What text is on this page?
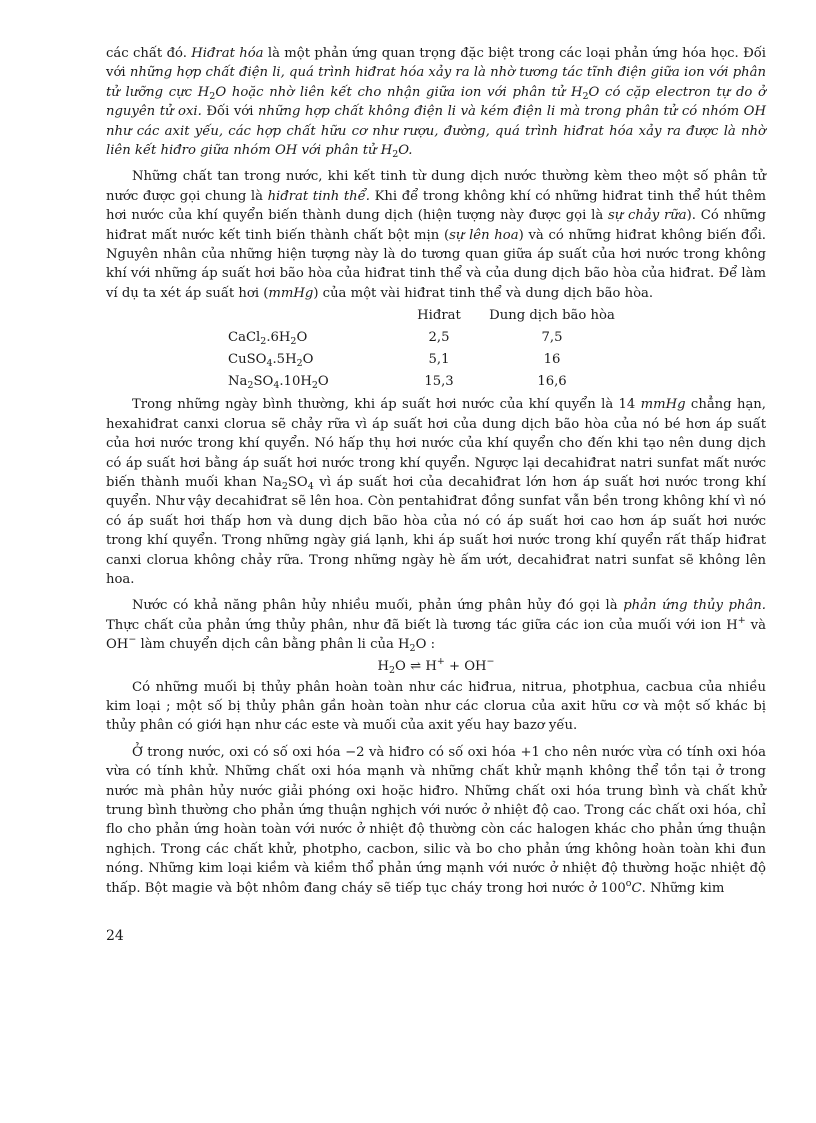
các chất đó. Hiđrat hóa là một phản ứng quan trọng đặc biệt trong các loại phản ứng hóa học. Đối với những hợp chất điện li, quá trình hiđrat hóa xảy ra là nhờ tương tác tĩnh điện giữa ion với phân tử lưỡng cực $H_2O$ hoặc nhờ liên kết cho nhận giữa ion với phân tử $H_2O$ có cặp electron tự do ở nguyên tử oxi. Đối với những hợp chất không điện li và kém điện li mà trong phân tử có nhóm OH như các axit yếu, các hợp chất hữu cơ như rượu, đường, quá trình hiđrat hóa xảy ra được là nhờ liên kết hiđro giữa nhóm OH với phân tử $H_2O$.

Những chất tan trong nước, khi kết tinh từ dung dịch nước thường kèm theo một số phân tử nước được gọi chung là hiđrat tinh thể. Khi để trong không khí có những hiđrat tinh thể hút thêm hơi nước của khí quyển biến thành dung dịch (hiện tượng này được gọi là sự chảy rữa). Có những hiđrat mất nước kết tinh biến thành chất bột mịn (sự lên hoa) và có những hiđrat không biến đổi. Nguyên nhân của những hiện tượng này là do tương quan giữa áp suất của hơi nước trong không khí với những áp suất hơi bão hòa của hiđrat tinh thể và của dung dịch bão hòa của hiđrat. Để làm ví dụ ta xét áp suất hơi (mmHg) của một vài hiđrat tinh thể và dung dịch bão hòa.

	Hiđrat	Dung dịch bão hòa
$CaCl_2.6H_2O$	2,5	7,5
$CuSO_4.5H_2O$	5,1	16
$Na_2SO_4.10H_2O$	15,3	16,6

Trong những ngày bình thường, khi áp suất hơi nước của khí quyển là 14 mmHg chẳng hạn, hexahiđrat canxi clorua sẽ chảy rữa vì áp suất hơi của dung dịch bão hòa của nó bé hơn áp suất của hơi nước trong khí quyển. Nó hấp thụ hơi nước của khí quyển cho đến khi tạo nên dung dịch có áp suất hơi bằng áp suất hơi nước trong khí quyển. Ngược lại decahiđrat natri sunfat mất nước biến thành muối khan $Na_2SO_4$ vì áp suất hơi của decahiđrat lớn hơn áp suất hơi nước trong khí quyển. Như vậy decahiđrat sẽ lên hoa. Còn pentahiđrat đồng sunfat vẫn bền trong không khí vì nó có áp suất hơi thấp hơn và dung dịch bão hòa của nó có áp suất hơi cao hơn áp suất hơi nước trong khí quyển. Trong những ngày giá lạnh, khi áp suất hơi nước trong khí quyển rất thấp hiđrat canxi clorua không chảy rữa. Trong những ngày hè ấm ướt, decahiđrat natri sunfat sẽ không lên hoa.

Nước có khả năng phân hủy nhiều muối, phản ứng phân hủy đó gọi là phản ứng thủy phân. Thực chất của phản ứng thủy phân, như đã biết là tương tác giữa các ion của muối với ion H+ và OH− làm chuyển dịch cân bằng phân li của $H_2O$ :

$H_2O$ ⇌ H+ + OH−

Có những muối bị thủy phân hoàn toàn như các hiđrua, nitrua, photphua, cacbua của nhiều kim loại ; một số bị thủy phân gần hoàn toàn như các clorua của axit hữu cơ và một số khác bị thủy phân có giới hạn như các este và muối của axit yếu hay bazơ yếu.

Ở trong nước, oxi có số oxi hóa −2 và hiđro có số oxi hóa +1 cho nên nước vừa có tính oxi hóa vừa có tính khử. Những chất oxi hóa mạnh và những chất khử mạnh không thể tồn tại ở trong nước mà phân hủy nước giải phóng oxi hoặc hiđro. Những chất oxi hóa trung bình và chất khử trung bình thường cho phản ứng thuận nghịch với nước ở nhiệt độ cao. Trong các chất oxi hóa, chỉ flo cho phản ứng hoàn toàn với nước ở nhiệt độ thường còn các halogen khác cho phản ứng thuận nghịch. Trong các chất khử, photpho, cacbon, silic và bo cho phản ứng không hoàn toàn khi đun nóng. Những kim loại kiềm và kiềm thổ phản ứng mạnh với nước ở nhiệt độ thường hoặc nhiệt độ thấp. Bột magie và bột nhôm đang cháy sẽ tiếp tục cháy trong hơi nước ở 100$^o$C. Những kim

24
